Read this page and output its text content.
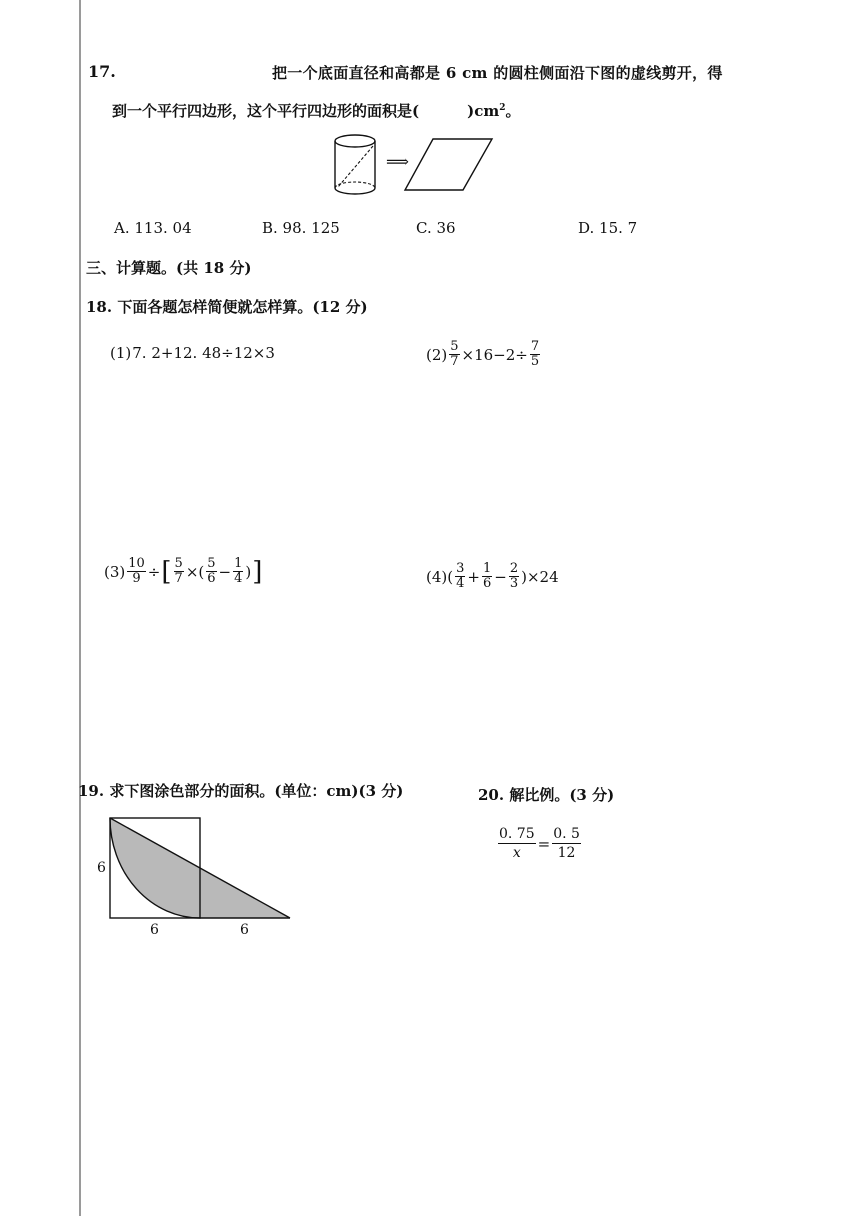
17.	把一个底面直径和高都是 6 cm 的圆柱侧面沿下图的虚线剪开，得
到一个平行四边形，这个平行四边形的面积是(	)$cm^2$。
⟹
A. 113. 04	B. 98. 125	C. 36	D. 15. 7
三、计算题。(共 18 分)
18. 下面各题怎样简便就怎样算。(12 分)
(1) 7. 2+12. 48÷12×3	$(2) \frac{5}{7} \times 16-2\div \frac{7}{5}$
$(3) \frac{10}{9}$ ÷ [ $\frac{5}{7}$ ×( $\frac{5}{6} - \frac{1}{4}$ ) ]	$(4)( \frac{3}{4} + \frac{1}{6} - \frac{2}{3} )\times 24$
19. 求下图涂色部分的面积。(单位：cm)(3 分)
6
6	6
20. 解比例。(3 分)
$\frac{0. 75}{x} = \frac{0. 5}{12}$
